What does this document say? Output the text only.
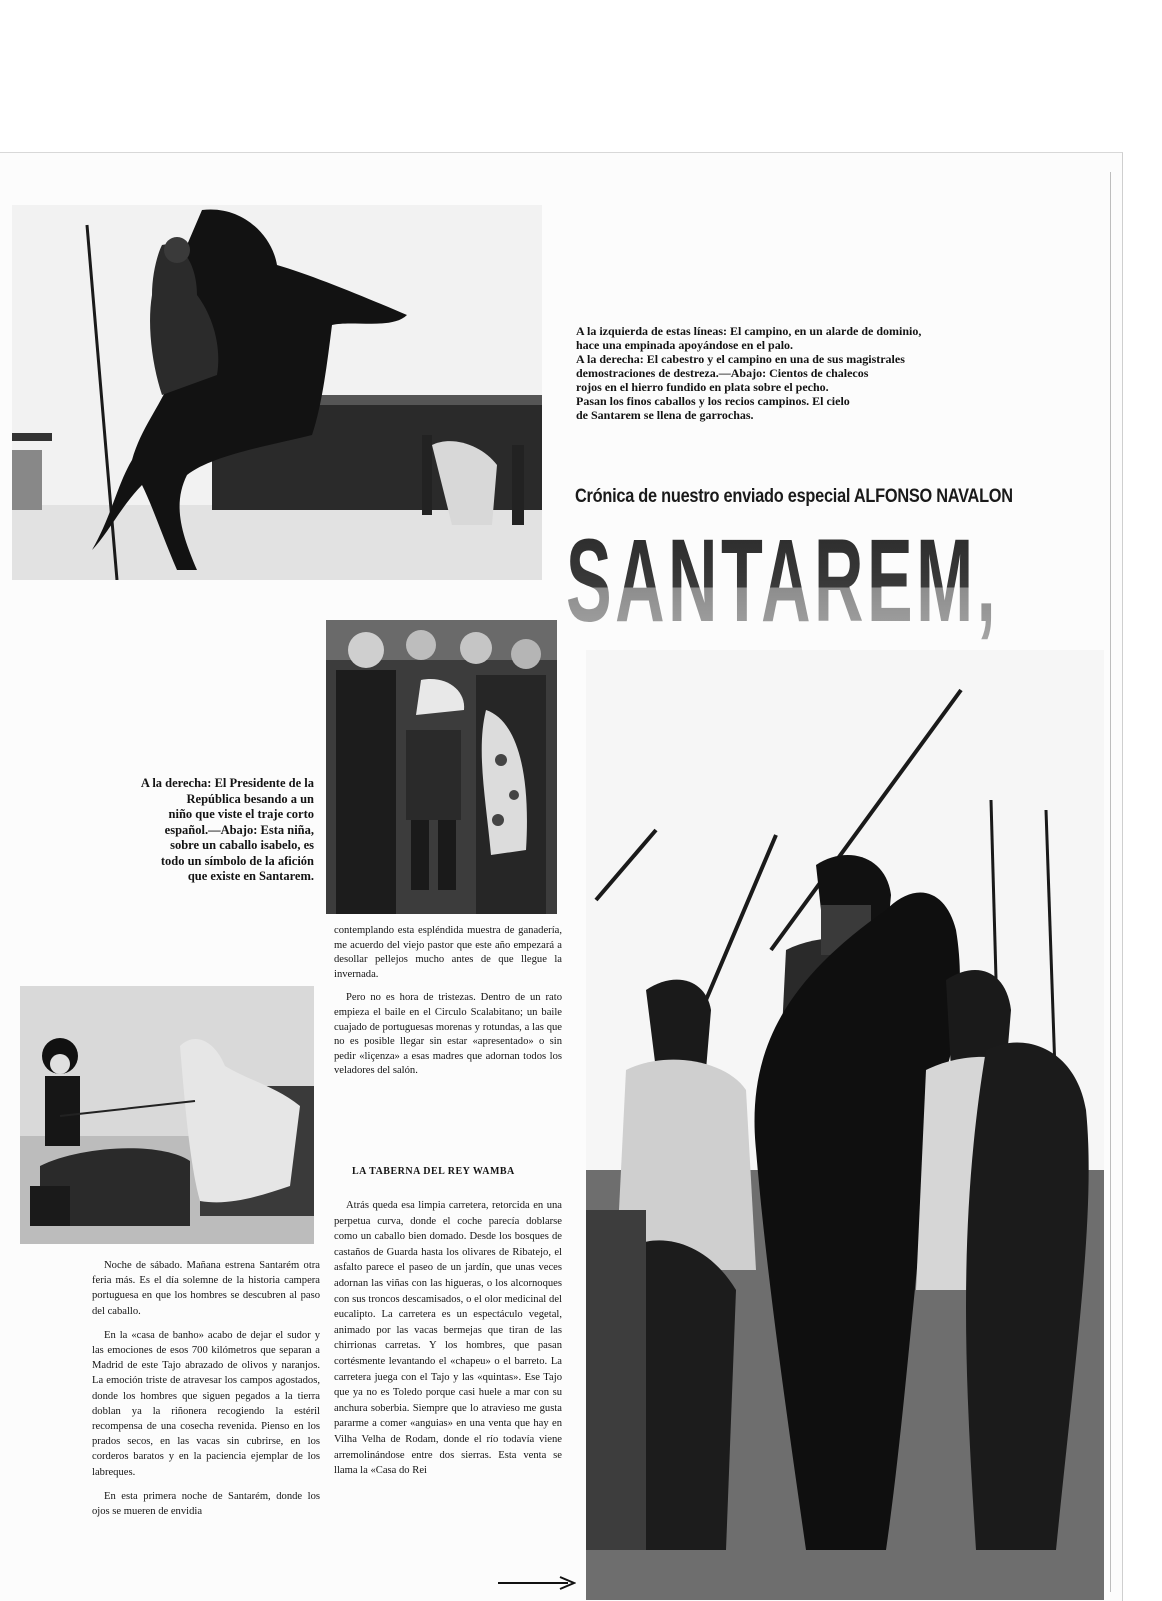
A la izquierda de estas líneas: El campino, en un alarde de dominio,

hace una empinada apoyándose en el palo.

A la derecha: El cabestro y el campino en una de sus magistrales

demostraciones de destreza.—Abajo: Cientos de chalecos

rojos en el hierro fundido en plata sobre el pecho.

Pasan los finos caballos y los recios campinos. El cielo

de Santarem se llena de garrochas.

Crónica de nuestro enviado especial ALFONSO NAVALON
SANTAREM,

A la derecha: El Presidente de la

República besando a un

niño que viste el traje corto

español.—Abajo: Esta niña,

sobre un caballo isabelo, es

todo un símbolo de la afición

que existe en Santarem.

contemplando esta espléndida muestra de ganadería, me acuerdo del viejo pastor que este año empezará a desollar pellejos mucho antes de que llegue la invernada.

Pero no es hora de tristezas. Dentro de un rato empieza el baile en el Circulo Scalabitano; un baile cuajado de portuguesas morenas y rotundas, a las que no es posible llegar sin estar «apresentado» o sin pedir «liçenza» a esas madres que adornan todos los veladores del salón.

LA TABERNA DEL REY WAMBA

Atrás queda esa limpia carretera, retorcida en una perpetua curva, donde el coche parecía doblarse como un caballo bien domado. Desde los bosques de castaños de Guarda hasta los olivares de Ribatejo, el asfalto parece el paseo de un jardín, que unas veces adornan las viñas con las higueras, o los alcornoques con sus troncos descamisados, o el olor medicinal del eucalipto. La carretera es un espectáculo vegetal, animado por las vacas bermejas que tiran de las chirrionas carretas. Y los hombres, que pasan cortésmente levantando el «chapeu» o el barreto. La carretera juega con el Tajo y las «quintas». Ese Tajo que ya no es Toledo porque casi huele a mar con su anchura soberbia. Siempre que lo atravieso me gusta pararme a comer «anguias» en una venta que hay en Vilha Velha de Rodam, donde el río todavía viene arremolinándose entre dos sierras. Esta venta se llama la «Casa do Rei

Noche de sábado. Mañana estrena Santarém otra feria más. Es el día solemne de la historia campera portuguesa en que los hombres se descubren al paso del caballo.

En la «casa de banho» acabo de dejar el sudor y las emociones de esos 700 kilómetros que separan a Madrid de este Tajo abrazado de olivos y naranjos. La emoción triste de atravesar los campos agostados, donde los hombres que siguen pegados a la tierra doblan ya la riñonera recogiendo la estéril recompensa de una cosecha revenida. Pienso en los prados secos, en las vacas sin cubrirse, en los corderos baratos y en la paciencia ejemplar de los labreques.

En esta primera noche de Santarém, donde los ojos se mueren de envidia
